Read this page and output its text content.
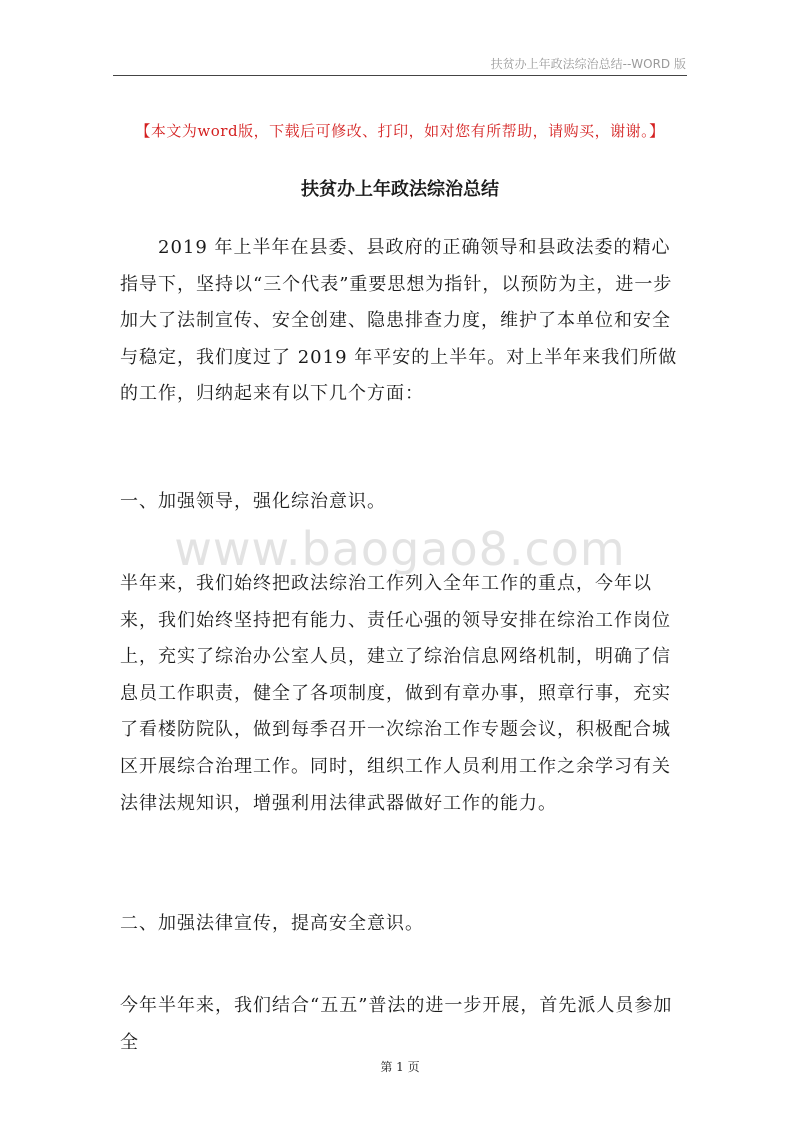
扶贫办上年政法综治总结--WORD 版
【本文为word版，下载后可修改、打印，如对您有所帮助，请购买，谢谢。】
扶贫办上年政法综治总结
2019 年上半年在县委、县政府的正确领导和县政法委的精心指导下，坚持以“三个代表”重要思想为指针，以预防为主，进一步加大了法制宣传、安全创建、隐患排查力度，维护了本单位和安全与稳定，我们度过了 2019 年平安的上半年。对上半年来我们所做的工作，归纳起来有以下几个方面：
一、加强领导，强化综治意识。
www.baogao8.com
半年来，我们始终把政法综治工作列入全年工作的重点，今年以来，我们始终坚持把有能力、责任心强的领导安排在综治工作岗位上，充实了综治办公室人员，建立了综治信息网络机制，明确了信息员工作职责，健全了各项制度，做到有章办事，照章行事，充实了看楼防院队，做到每季召开一次综治工作专题会议，积极配合城区开展综合治理工作。同时，组织工作人员利用工作之余学习有关法律法规知识，增强利用法律武器做好工作的能力。
二、加强法律宣传，提高安全意识。
今年半年来，我们结合“五五”普法的进一步开展，首先派人员参加全
第 1 页
